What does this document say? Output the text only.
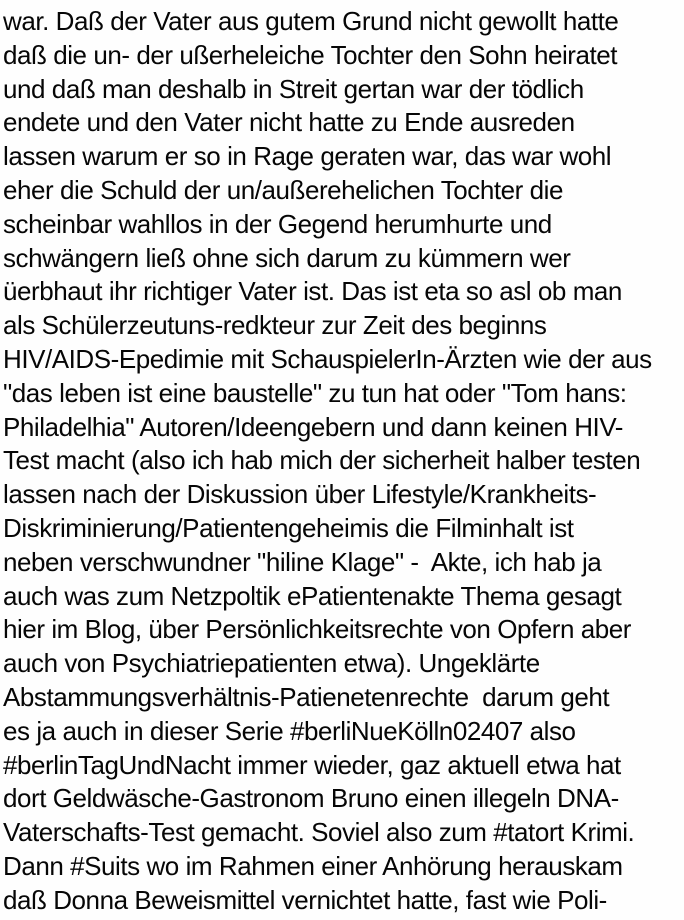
war. Daß der Vater aus gutem Grund nicht gewollt hatte
daß die un- der ußerheleiche Tochter den Sohn heiratet
und daß man deshalb in Streit gertan war der tödlich
endete und den Vater nicht hatte zu Ende ausreden
lassen warum er so in Rage geraten war, das war wohl
eher die Schuld der un/außerehelichen Tochter die
scheinbar wahllos in der Gegend herumhurte und
schwängern ließ ohne sich darum zu kümmern wer
üerbhaut ihr richtiger Vater ist. Das ist eta so asl ob man
als Schülerzeutuns-redkteur zur Zeit des beginns
HIV/AIDS-Epedimie mit SchauspielerIn-Ärzten wie der aus
"das leben ist eine baustelle" zu tun hat oder "Tom hans:
Philadelhia" Autoren/Ideengebern und dann keinen HIV-
Test macht (also ich hab mich der sicherheit halber testen
lassen nach der Diskussion über Lifestyle/Krankheits-
Diskriminierung/Patientengeheimis die Filminhalt ist
neben verschwundner "hiline Klage" -  Akte, ich hab ja
auch was zum Netzpoltik ePatientenakte Thema gesagt
hier im Blog, über Persönlichkeitsrechte von Opfern aber
auch von Psychiatriepatienten etwa). Ungeklärte
Abstammungsverhältnis-Patienetenrechte  darum geht
es ja auch in dieser Serie #berliNueKölln02407 also
#berlinTagUndNacht immer wieder, gaz aktuell etwa hat
dort Geldwäsche-Gastronom Bruno einen illegeln DNA-
Vaterschafts-Test gemacht. Soviel also zum #tatort Krimi.
Dann #Suits wo im Rahmen einer Anhörung herauskam
daß Donna Beweismittel vernichtet hatte, fast wie Poli-
